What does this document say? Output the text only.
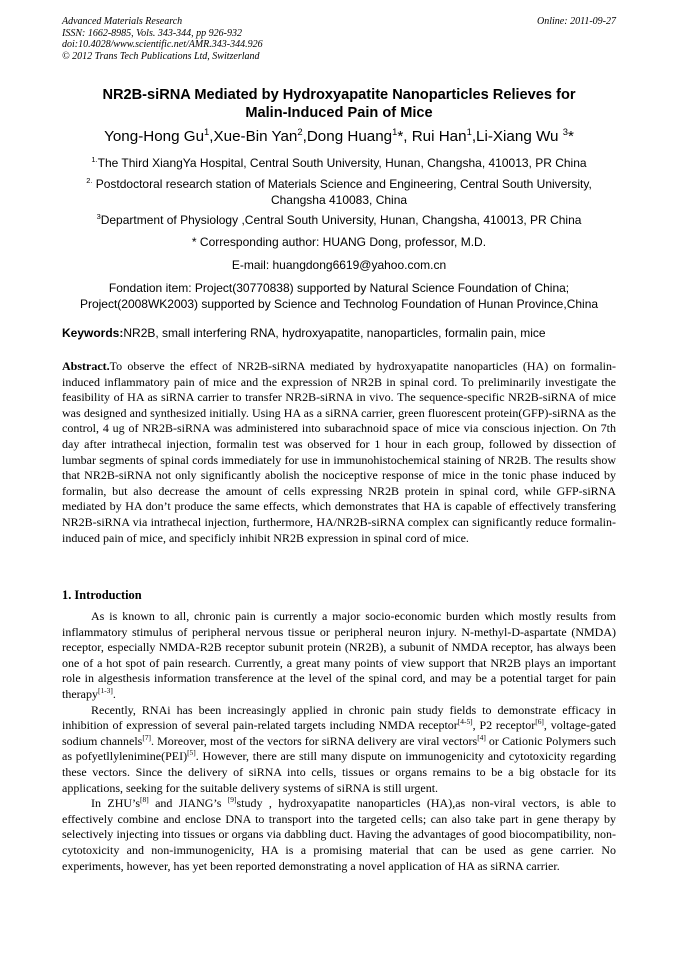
Advanced Materials Research
ISSN: 1662-8985, Vols. 343-344, pp 926-932
doi:10.4028/www.scientific.net/AMR.343-344.926
© 2012 Trans Tech Publications Ltd, Switzerland
Online: 2011-09-27
NR2B-siRNA Mediated by Hydroxyapatite Nanoparticles Relieves for
Malin-Induced Pain of Mice
Yong-Hong Gu$^1$,Xue-Bin Yan$^2$,Dong Huang$^1$*, Rui Han$^1$,Li-Xiang Wu $^3$*
$^{1.}$The Third XiangYa Hospital, Central South University, Hunan, Changsha, 410013, PR China
$^{2.}$ Postdoctoral research station of Materials Science and Engineering, Central South University,
Changsha 410083, China
$^3$Department of Physiology ,Central South University, Hunan, Changsha, 410013, PR China
* Corresponding author: HUANG Dong, professor, M.D.
E-mail: huangdong6619@yahoo.com.cn
Fondation item: Project(30770838) supported by Natural Science Foundation of China;
Project(2008WK2003) supported by Science and Technolog Foundation of Hunan Province,China
Keywords:NR2B, small interfering RNA, hydroxyapatite, nanoparticles, formalin pain, mice

Abstract.To observe the effect of NR2B-siRNA mediated by hydroxyapatite nanoparticles (HA) on formalin-induced inflammatory pain of mice and the expression of NR2B in spinal cord. To preliminarily investigate the feasibility of HA as siRNA carrier to transfer NR2B-siRNA in vivo. The sequence-specific NR2B-siRNA of mice was designed and synthesized initially. Using HA as a siRNA carrier, green fluorescent protein(GFP)-siRNA as the control, 4 ug of NR2B-siRNA was administered into subarachnoid space of mice via conscious injection. On 7th day after intrathecal injection, formalin test was observed for 1 hour in each group, followed by dissection of lumbar segments of spinal cords immediately for use in immunohistochemical staining of NR2B. The results show that NR2B-siRNA not only significantly abolish the nociceptive response of mice in the tonic phase induced by formalin, but also decrease the amount of cells expressing NR2B protein in spinal cord, while GFP-siRNA mediated by HA don’t produce the same effects, which demonstrates that HA is capable of effectively transfering NR2B-siRNA via intrathecal injection, furthermore, HA/NR2B-siRNA complex can significantly reduce formalin-induced pain of mice, and specificly inhibit NR2B expression in spinal cord of mice.

1. Introduction

As is known to all, chronic pain is currently a major socio-economic burden which mostly results from inflammatory stimulus of peripheral nervous tissue or peripheral neuron injury. N-methyl-D-aspartate (NMDA) receptor, especially NMDA-R2B receptor subunit protein (NR2B), a subunit of NMDA receptor, has always been one of a hot spot of pain research. Currently, a great many points of view support that NR2B plays an important role in algesthesis information transference at the level of the spinal cord, and may be a potential target for pain therapy[1-3].

Recently, RNAi has been increasingly applied in chronic pain study fields to demonstrate efficacy in inhibition of expression of several pain-related targets including NMDA receptor[4-5], P2 receptor[6], voltage-gated sodium channels[7]. Moreover, most of the vectors for siRNA delivery are viral vectors[4] or Cationic Polymers such as pofyetllylenimine(PEI)[5]. However, there are still many dispute on immunogenicity and cytotoxicity regarding these vectors. Since the delivery of siRNA into cells, tissues or organs remains to be a big obstacle for its applications, seeking for the suitable delivery systems of siRNA is still urgent.

In ZHU’s[8] and JIANG’s [9]study , hydroxyapatite nanoparticles (HA),as non-viral vectors, is able to effectively combine and enclose DNA to transport into the targeted cells; can also take part in gene therapy by selectively injecting into tissues or organs via dabbling duct. Having the advantages of good biocompatibility, non-cytotoxicity and non-immunogenicity, HA is a promising material that can be used as gene carrier. No experiments, however, has yet been reported demonstrating a novel application of HA as siRNA carrier.
